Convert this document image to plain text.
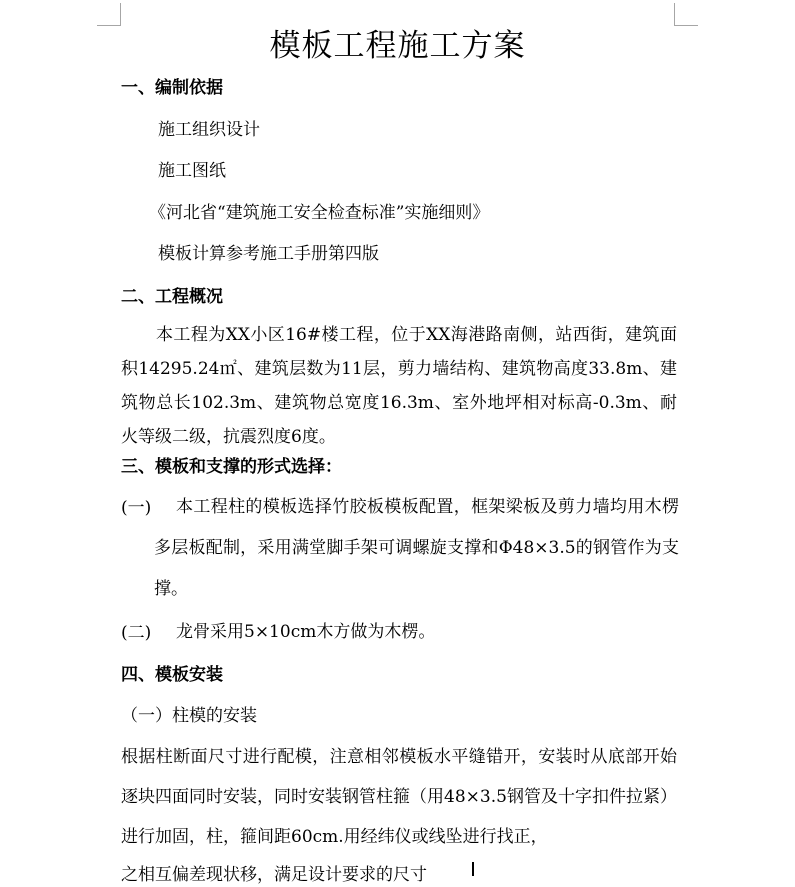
模板工程施工方案
一、编制依据
施工组织设计
施工图纸
《河北省“建筑施工安全检查标准”实施细则》
模板计算参考施工手册第四版
二、工程概况
本工程为XX小区16#楼工程，位于XX海港路南侧，站西街，建筑面积14295.24㎡、建筑层数为11层，剪力墙结构、建筑物高度33.8m、建筑物总长102.3m、建筑物总宽度16.3m、室外地坪相对标高-0.3m、耐火等级二级，抗震烈度6度。
三、模板和支撑的形式选择：
(一)	本工程柱的模板选择竹胶板模板配置，框架梁板及剪力墙均用木楞多层板配制，采用满堂脚手架可调螺旋支撑和Φ48×3.5的钢管作为支撑。
(二)	龙骨采用5×10cm木方做为木楞。
四、模板安装
（一）柱模的安装
根据柱断面尺寸进行配模，注意相邻模板水平缝错开，安装时从底部开始逐块四面同时安装，同时安装钢管柱箍（用48×3.5钢管及十字扣件拉紧）进行加固，柱，箍间距60cm.用经纬仪或线坠进行找正，
之相互偏差现状移，满足设计要求的尺寸
